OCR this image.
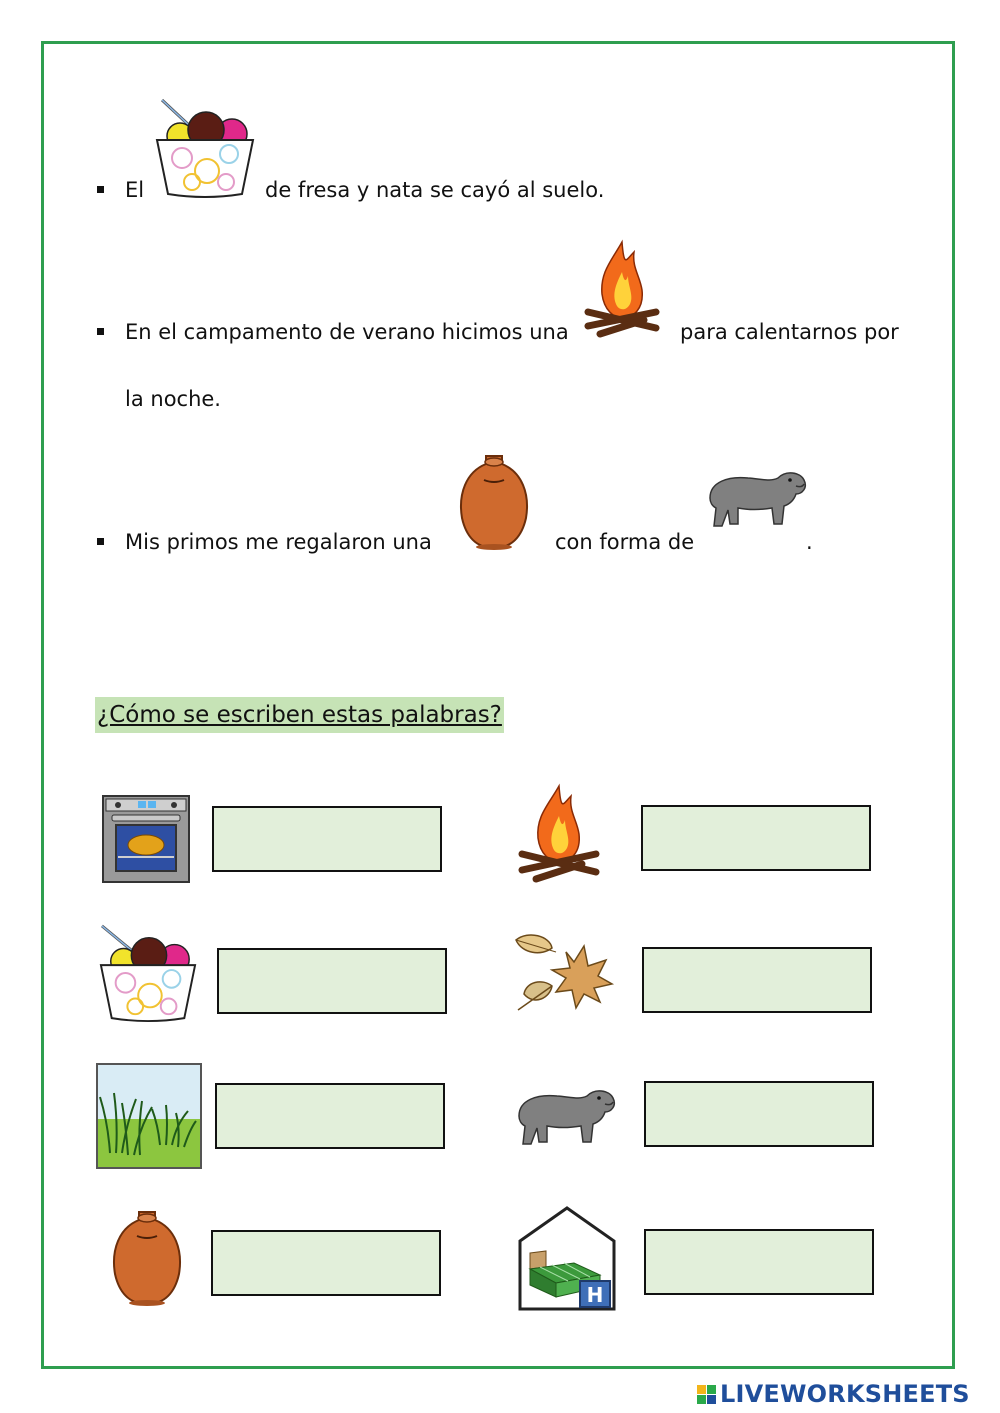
El	de fresa y nata se cayó al suelo.
En el campamento de verano hicimos una	para calentarnos por
la noche.
Mis primos me regalaron una	con forma de	.
¿Cómo se escriben estas palabras?
H
LIVEWORKSHEETS
